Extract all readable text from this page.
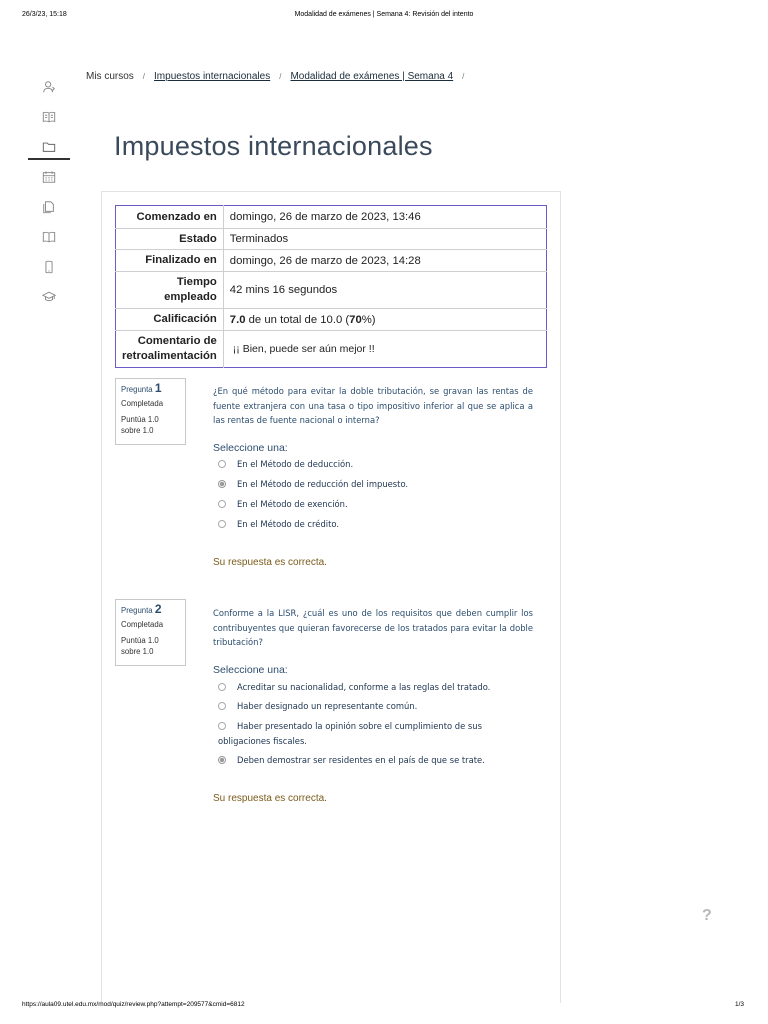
26/3/23, 15:18	Modalidad de exámenes | Semana 4: Revisión del intento
Mis cursos / Impuestos internacionales / Modalidad de exámenes | Semana 4 /
Impuestos internacionales
Comenzado en	domingo, 26 de marzo de 2023, 13:46
Estado	Terminados
Finalizado en	domingo, 26 de marzo de 2023, 14:28
Tiempo empleado	42 mins 16 segundos
Calificación	7.0 de un total de 10.0 (70%)
Comentario de retroalimentación	¡¡ Bien, puede ser aún mejor !!
Pregunta 1
Completada
Puntúa 1.0 sobre 1.0
¿En qué método para evitar la doble tributación, se gravan las rentas de fuente extranjera con una tasa o tipo impositivo inferior al que se aplica a las rentas de fuente nacional o interna?
Seleccione una:
En el Método de deducción.
En el Método de reducción del impuesto.
En el Método de exención.
En el Método de crédito.
Su respuesta es correcta.
Pregunta 2
Completada
Puntúa 1.0 sobre 1.0
Conforme a la LISR, ¿cuál es uno de los requisitos que deben cumplir los contribuyentes que quieran favorecerse de los tratados para evitar la doble tributación?
Seleccione una:
Acreditar su nacionalidad, conforme a las reglas del tratado.
Haber designado un representante común.
Haber presentado la opinión sobre el cumplimiento de sus obligaciones fiscales.
Deben demostrar ser residentes en el país de que se trate.
Su respuesta es correcta.
?
https://aula09.utel.edu.mx/mod/quiz/review.php?attempt=209577&cmid=6812	1/3
